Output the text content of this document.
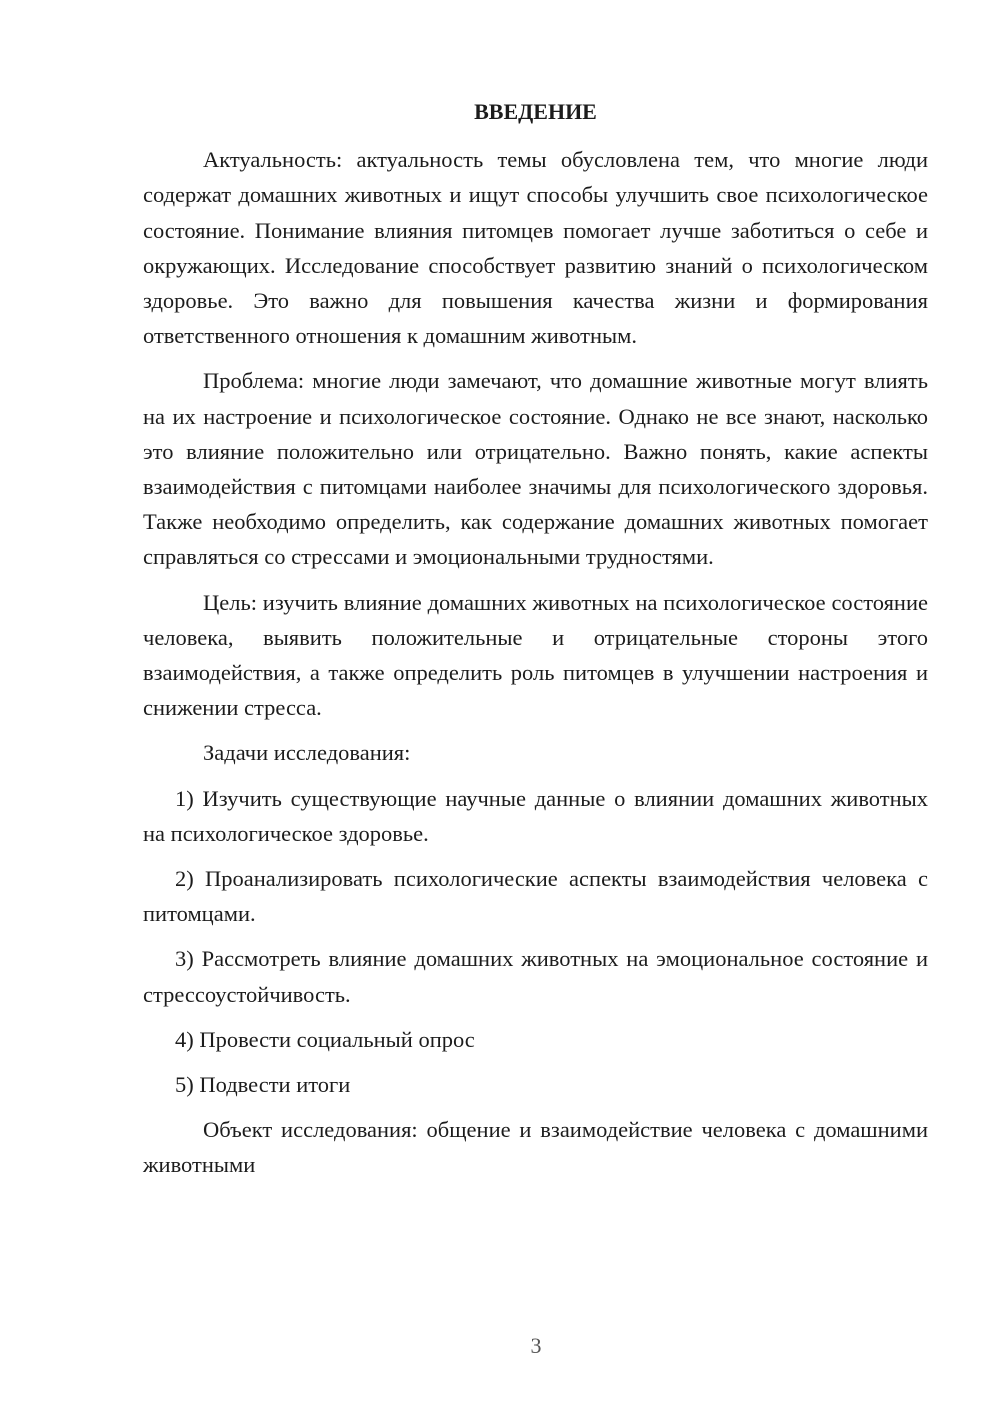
ВВЕДЕНИЕ

Актуальность: актуальность темы обусловлена тем, что многие люди содержат домашних животных и ищут способы улучшить свое психологическое состояние. Понимание влияния питомцев помогает лучше заботиться о себе и окружающих. Исследование способствует развитию знаний о психологическом здоровье. Это важно для повышения качества жизни и формирования ответственного отношения к домашним животным.

Проблема: многие люди замечают, что домашние животные могут влиять на их настроение и психологическое состояние. Однако не все знают, насколько это влияние положительно или отрицательно. Важно понять, какие аспекты взаимодействия с питомцами наиболее значимы для психологического здоровья. Также необходимо определить, как содержание домашних животных помогает справляться со стрессами и эмоциональными трудностями.

Цель: изучить влияние домашних животных на психологическое состояние человека, выявить положительные и отрицательные стороны этого взаимодействия, а также определить роль питомцев в улучшении настроения и снижении стресса.

Задачи исследования:

1) Изучить существующие научные данные о влиянии домашних животных на психологическое здоровье.

2) Проанализировать психологические аспекты взаимодействия человека с питомцами.

3) Рассмотреть влияние домашних животных на эмоциональное состояние и стрессоустойчивость.

4) Провести социальный опрос

5) Подвести итоги

Объект исследования: общение и взаимодействие человека с домашними животными

3
